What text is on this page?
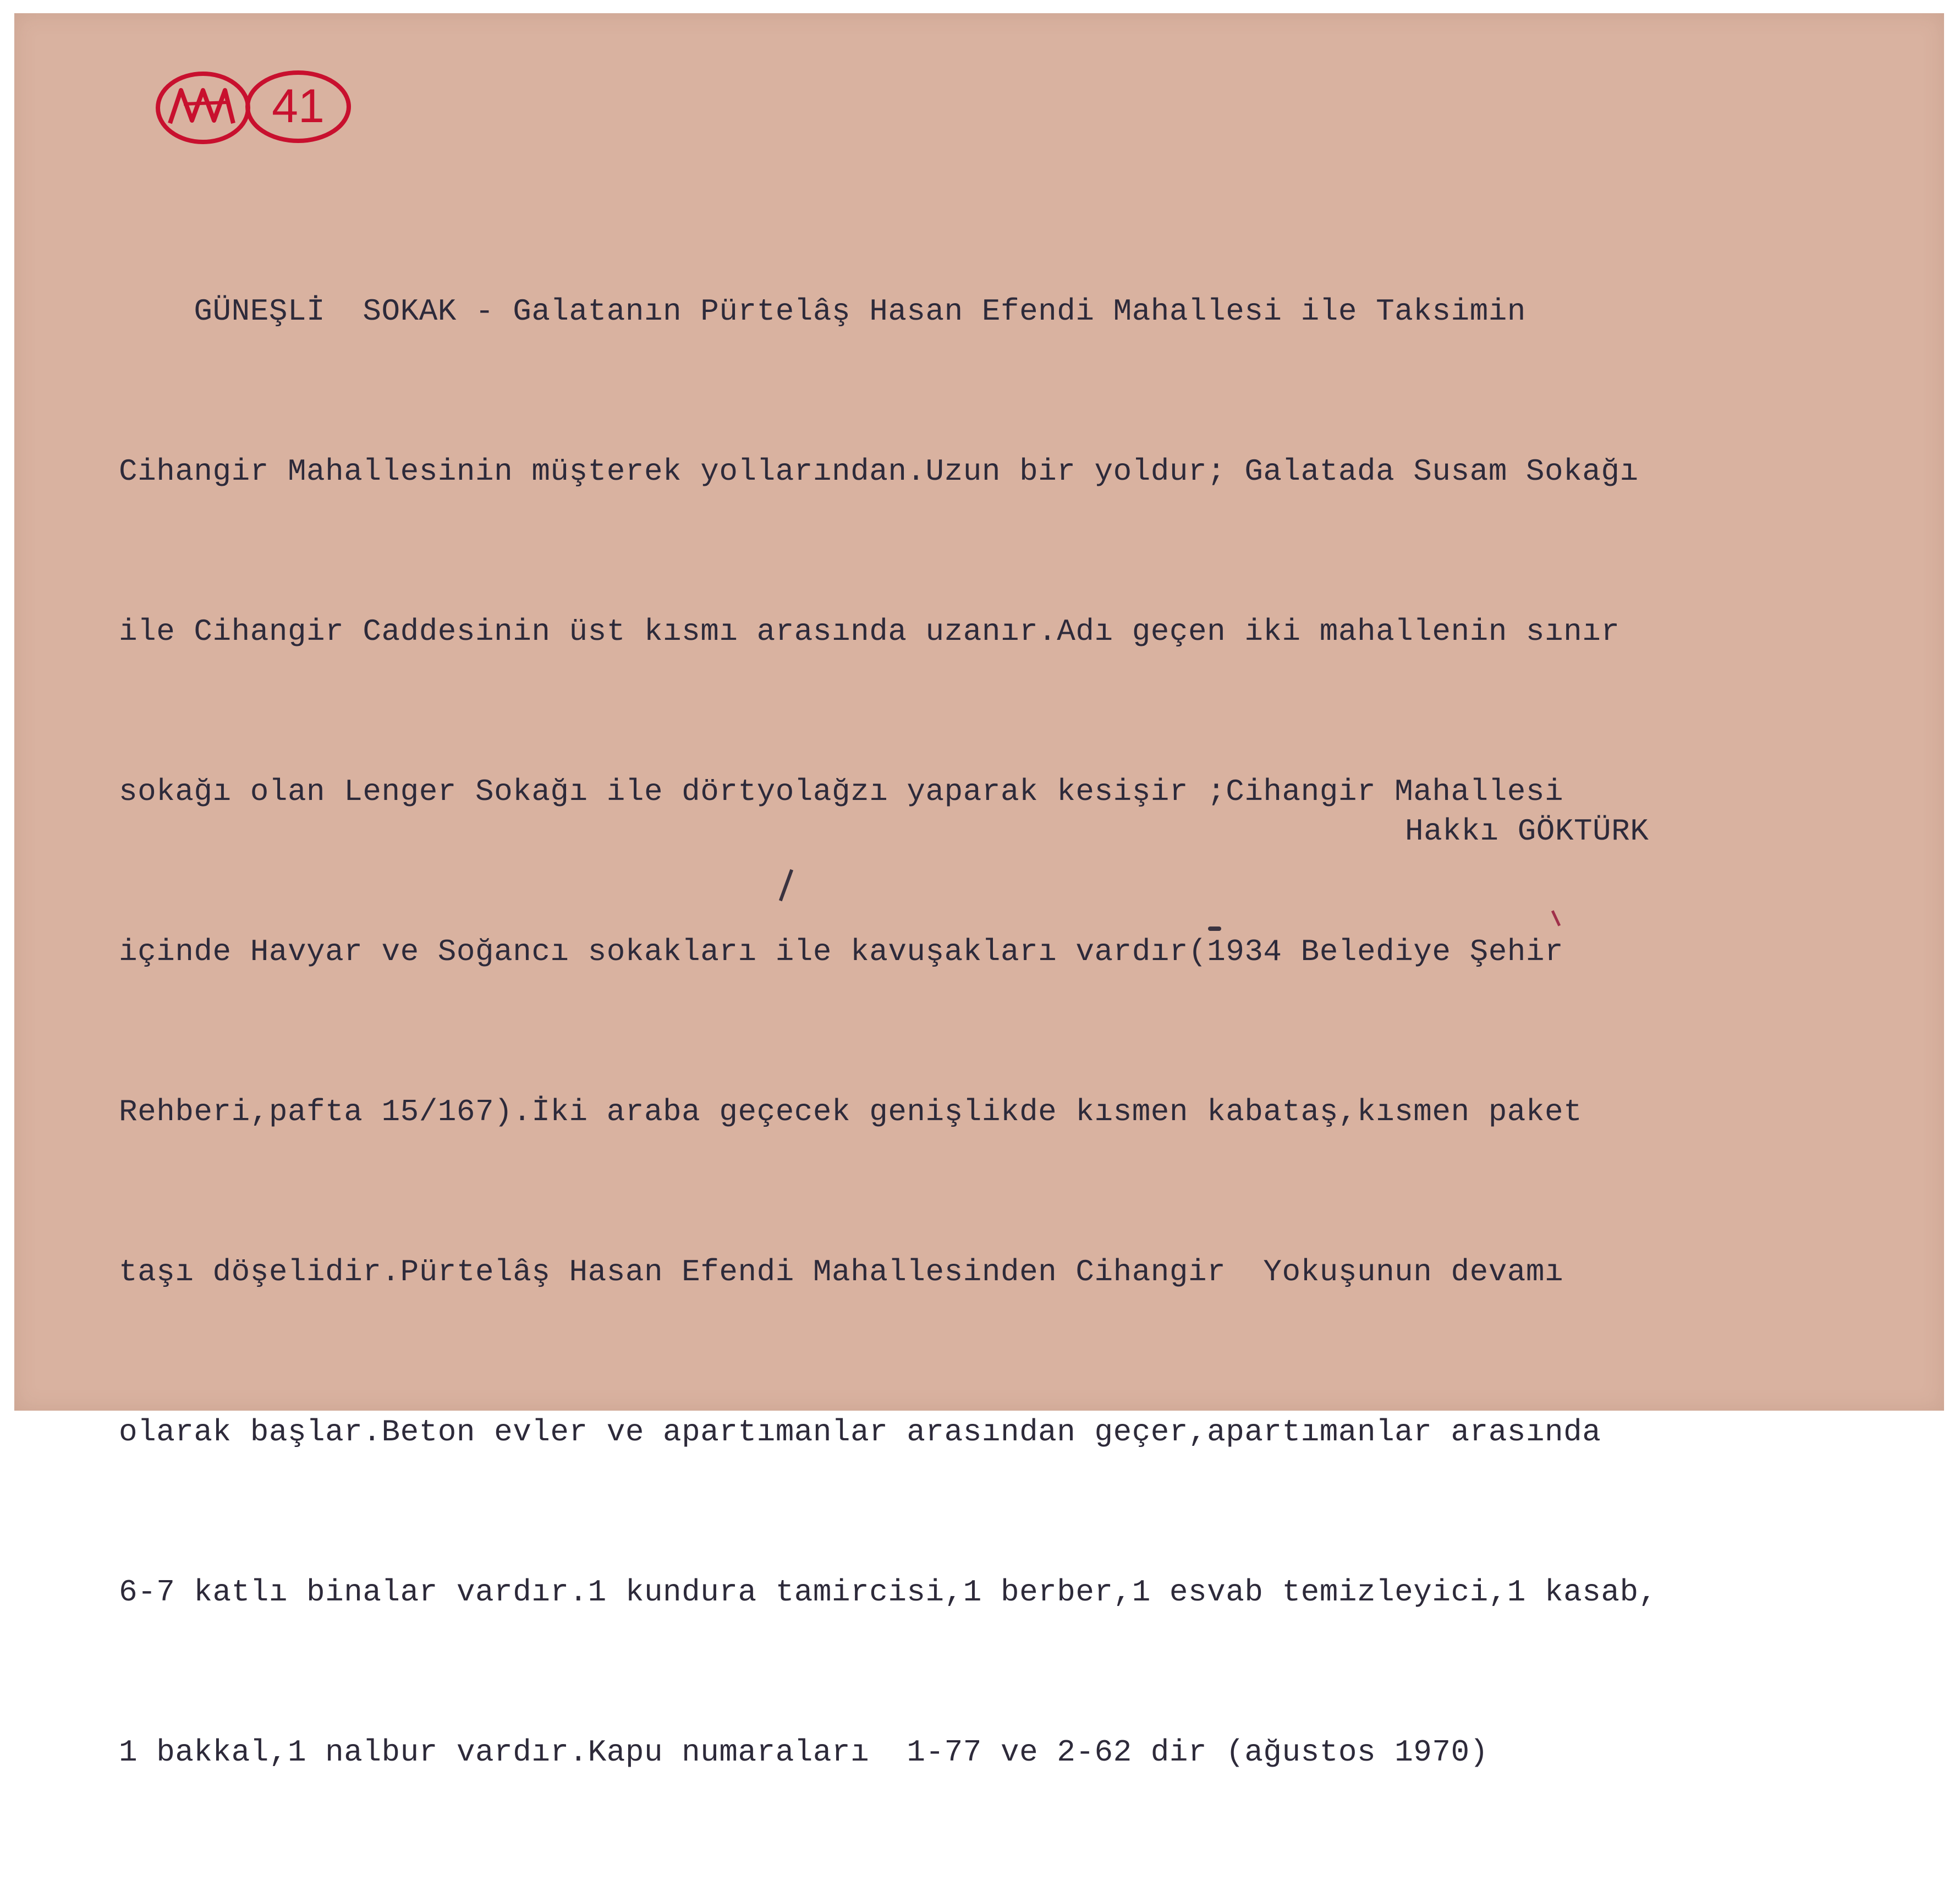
41

GÜNEŞLİ  SOKAK - Galatanın Pürtelâş Hasan Efendi Mahallesi ile Taksimin

Cihangir Mahallesinin müşterek yollarından.Uzun bir yoldur; Galatada Susam Sokağı

ile Cihangir Caddesinin üst kısmı arasında uzanır.Adı geçen iki mahallenin sınır

sokağı olan Lenger Sokağı ile dörtyolağzı yaparak kesişir ;Cihangir Mahallesi

içinde Havyar ve Soğancı sokakları ile kavuşakları vardır(1934 Belediye Şehir

Rehberi,pafta 15/167).İki araba geçecek genişlikde kısmen kabataş,kısmen paket

taşı döşelidir.Pürtelâş Hasan Efendi Mahallesinden Cihangir  Yokuşunun devamı

olarak başlar.Beton evler ve apartımanlar arasından geçer,apartımanlar arasında

6-7 katlı binalar vardır.1 kundura tamircisi,1 berber,1 esvab temizleyici,1 kasab,

1 bakkal,1 nalbur vardır.Kapu numaraları  1-77 ve 2-62 dir (ağustos 1970)

Hakkı GÖKTÜRK
